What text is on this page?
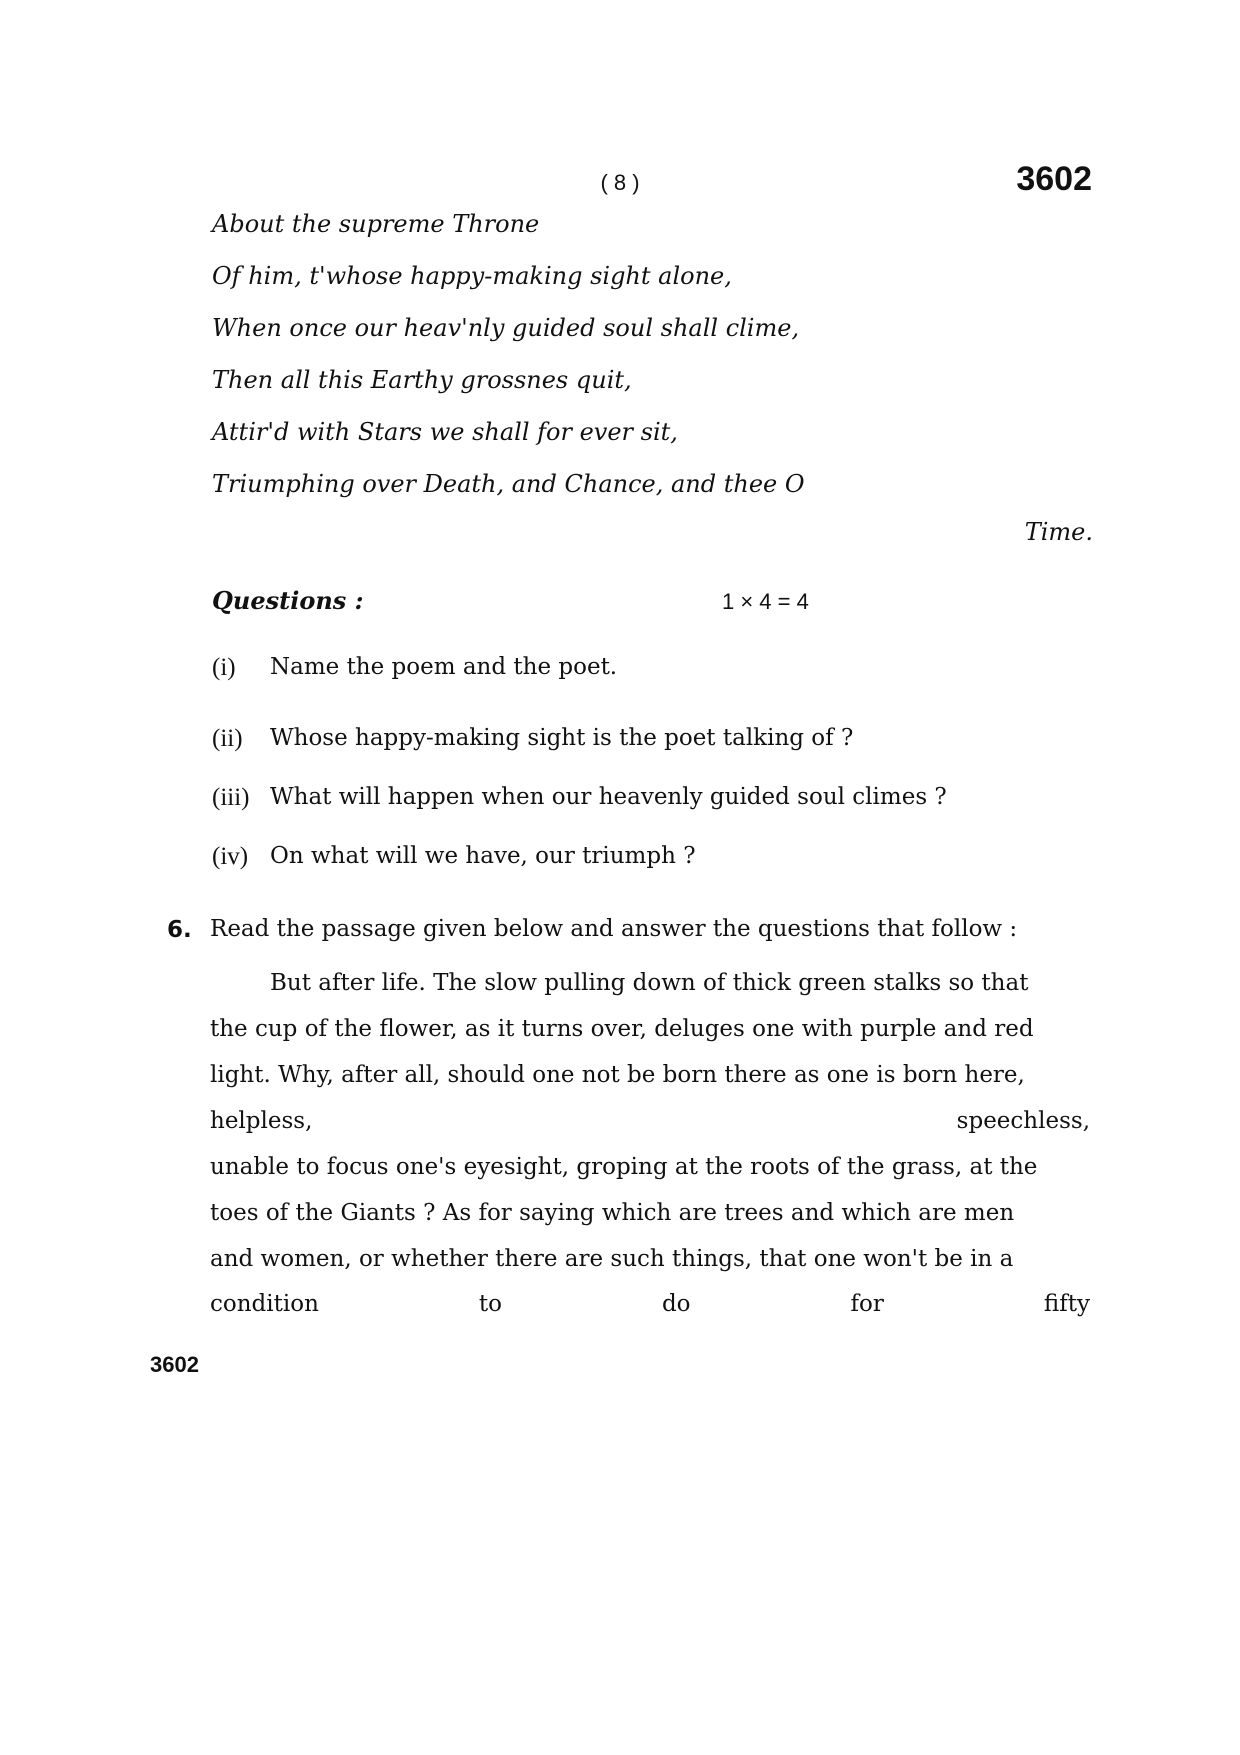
( 8 )	3602
About the supreme Throne
Of him, t'whose happy-making sight alone,
When once our heav'nly guided soul shall clime,
Then all this Earthy grossnes quit,
Attir'd with Stars we shall for ever sit,
Triumphing over Death, and Chance, and thee O
Time.
Questions :	1 × 4 = 4
(i) Name the poem and the poet.
(ii) Whose happy-making sight is the poet talking of ?
(iii) What will happen when our heavenly guided soul climes ?
(iv) On what will we have, our triumph ?
6. Read the passage given below and answer the questions that follow :
But after life. The slow pulling down of thick green stalks so that
the cup of the flower, as it turns over, deluges one with purple and red
light. Why, after all, should one not be born there as one is born here,
helpless,	speechless,
unable to focus one's eyesight, groping at the roots of the grass, at the
toes of the Giants ? As for saying which are trees and which are men
and women, or whether there are such things, that one won't be in a
condition	to	do	for	fifty
3602
